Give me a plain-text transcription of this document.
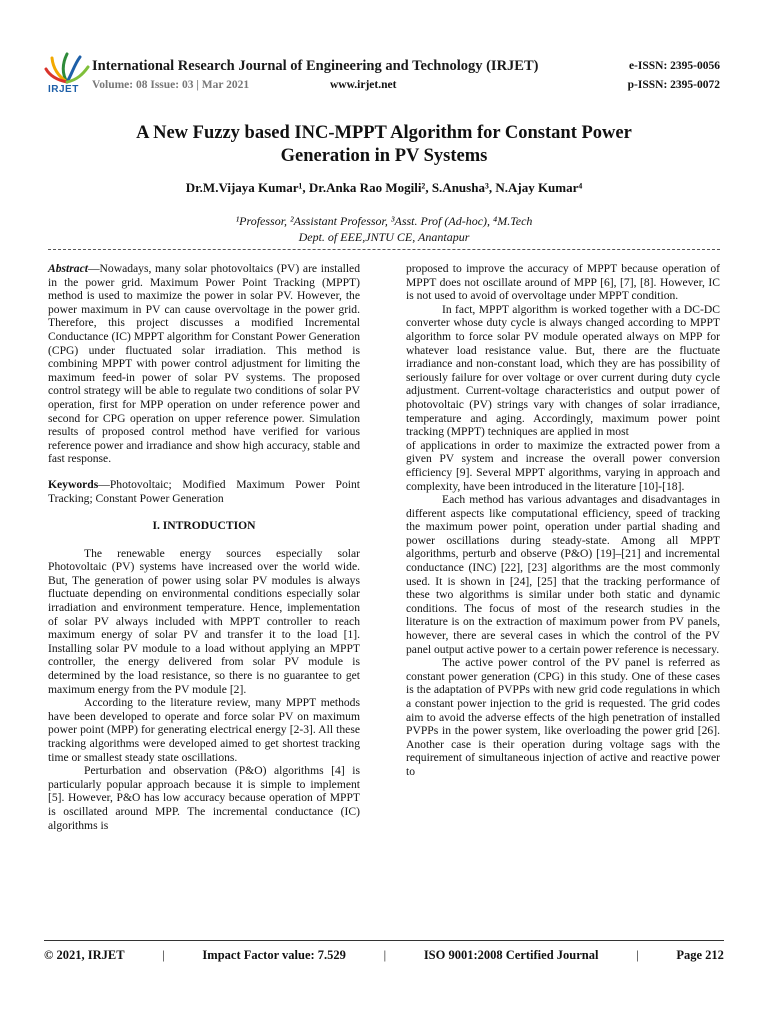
IRJET
International Research Journal of Engineering and Technology (IRJET)
Volume: 08 Issue: 03 | Mar 2021	www.irjet.net
e-ISSN: 2395-0056
p-ISSN: 2395-0072
A New Fuzzy based INC-MPPT Algorithm for Constant Power
Generation in PV Systems
Dr.M.Vijaya Kumar¹, Dr.Anka Rao Mogili², S.Anusha³, N.Ajay Kumar⁴
¹Professor, ²Assistant Professor, ³Asst. Prof (Ad-hoc), ⁴M.Tech
Dept. of EEE,JNTU CE, Anantapur

Abstract—Nowadays, many solar photovoltaics (PV) are installed in the power grid. Maximum Power Point Tracking (MPPT) method is used to maximize the power in solar PV. However, the power maximum in PV can cause overvoltage in the power grid. Therefore, this project discusses a modified Incremental Conductance (IC) MPPT algorithm for Constant Power Generation (CPG) under fluctuated solar irradiation. This method is combining MPPT with power control adjustment for limiting the maximum feed-in power of solar PV systems. The proposed control strategy will be able to regulate two conditions of solar PV operation, first for MPP operation on under reference power and second for CPG operation on upper reference power. Simulation results of proposed control method have verified for various reference power and irradiance and show high accuracy, stable and fast response.

Keywords—Photovoltaic; Modified Maximum Power Point Tracking; Constant Power Generation

I. INTRODUCTION

The renewable energy sources especially solar Photovoltaic (PV) systems have increased over the world wide. But, The generation of power using solar PV modules is always fluctuate depending on environmental conditions especially solar irradiation and environment temperature. Hence, implementation of solar PV always included with MPPT controller to reach maximum energy of solar PV and transfer it to the load [1]. Installing solar PV module to a load without applying an MPPT controller, the energy delivered from solar PV module is determined by the load resistance, so there is no guarantee to get maximum energy from the PV module [2].

According to the literature review, many MPPT methods have been developed to operate and force solar PV on maximum power point (MPP) for generating electrical energy [2-3]. All these tracking algorithms were developed aimed to get shortest tracking time or smallest steady state oscillations.

Perturbation and observation (P&O) algorithms [4] is particularly popular approach because it is simple to implement [5]. However, P&O has low accuracy because operation of MPPT is oscillated around MPP. The incremental conductance (IC) algorithms is

proposed to improve the accuracy of MPPT because operation of MPPT does not oscillate around of MPP [6], [7], [8]. However, IC is not used to avoid of overvoltage under MPPT condition.

In fact, MPPT algorithm is worked together with a DC-DC converter whose duty cycle is always changed according to MPPT algorithm to force solar PV module operated always on MPP for whatever load resistance value. But, there are the fluctuate irradiance and non-constant load, which they are has possibility of seriously failure for over voltage or over current during duty cycle adjustment. Current-voltage characteristics and output power of photovoltaic (PV) strings vary with changes of solar irradiance, temperature and aging. Accordingly, maximum power point tracking (MPPT) techniques are applied in most

of applications in order to maximize the extracted power from a given PV system and increase the overall power conversion efficiency [9]. Several MPPT algorithms, varying in approach and complexity, have been introduced in the literature [10]-[18].

Each method has various advantages and disadvantages in different aspects like computational efficiency, speed of tracking the maximum power point, operation under partial shading and power oscillations during steady-state. Among all MPPT algorithms, perturb and observe (P&O) [19]–[21] and incremental conductance (INC) [22], [23] algorithms are the most commonly used. It is shown in [24], [25] that the tracking performance of these two algorithms is similar under both static and dynamic conditions. The focus of most of the research studies in the literature is on the extraction of maximum power from PV panels, however, there are several cases in which the control of the PV panel output active power to a certain power reference is necessary.

The active power control of the PV panel is referred as constant power generation (CPG) in this study. One of these cases is the adaptation of PVPPs with new grid code regulations in which a constant power injection to the grid is requested. The grid codes aim to avoid the adverse effects of the high penetration of installed PVPPs in the power system, like overloading the power grid [26]. Another case is their operation during voltage sags with the requirement of simultaneous injection of active and reactive power to

© 2021, IRJET	|	Impact Factor value: 7.529	|	ISO 9001:2008 Certified Journal	|	Page 212
